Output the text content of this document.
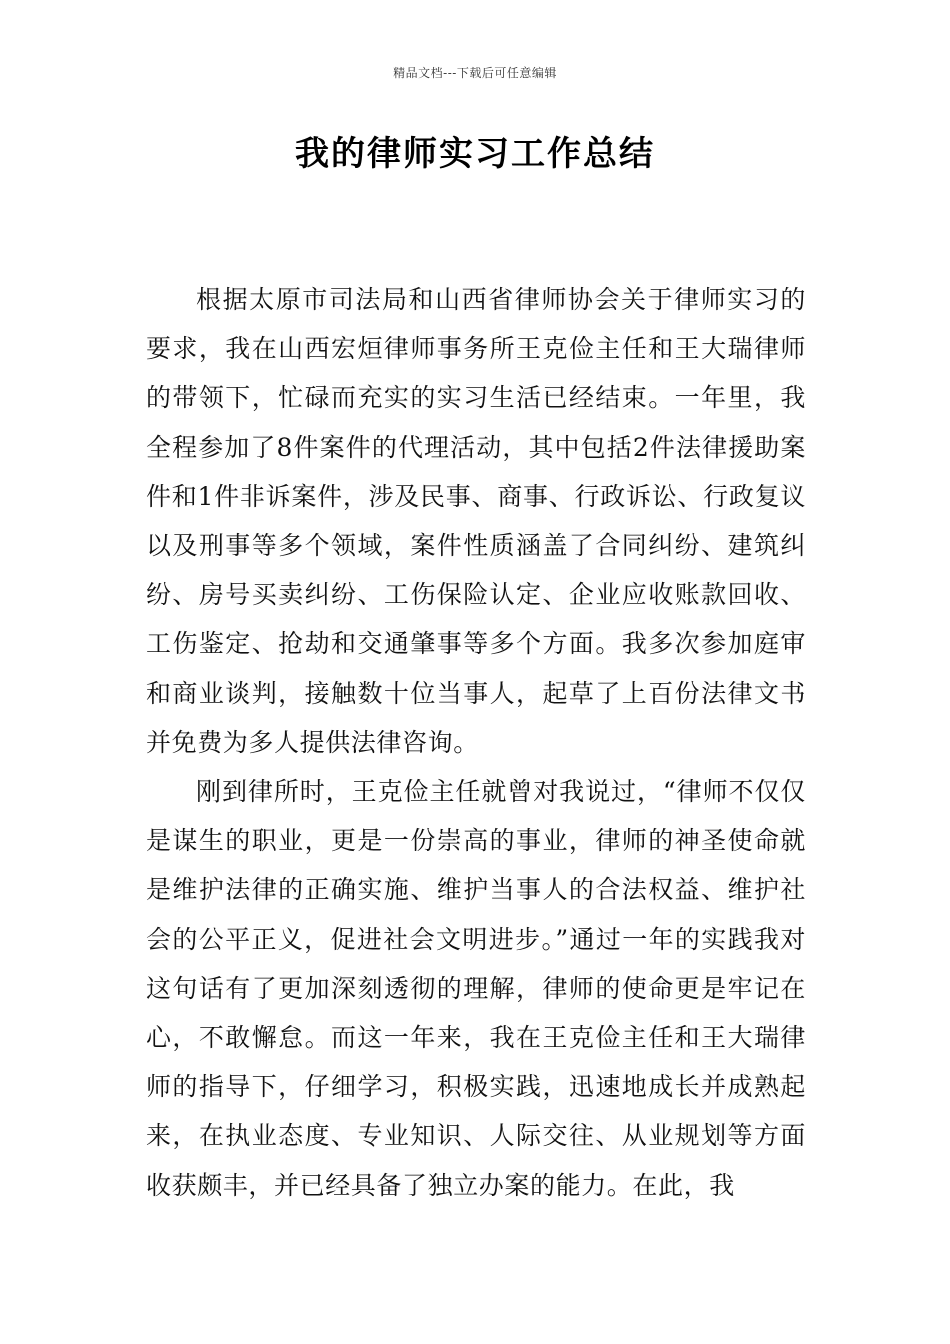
精品文档---下载后可任意编辑
我的律师实习工作总结

根据太原市司法局和山西省律师协会关于律师实习的要求，我在山西宏烜律师事务所王克俭主任和王大瑞律师的带领下，忙碌而充实的实习生活已经结束。一年里，我全程参加了8件案件的代理活动，其中包括2件法律援助案件和1件非诉案件，涉及民事、商事、行政诉讼、行政复议以及刑事等多个领域，案件性质涵盖了合同纠纷、建筑纠纷、房号买卖纠纷、工伤保险认定、企业应收账款回收、工伤鉴定、抢劫和交通肇事等多个方面。我多次参加庭审和商业谈判，接触数十位当事人，起草了上百份法律文书并免费为多人提供法律咨询。

刚到律所时，王克俭主任就曾对我说过，“律师不仅仅是谋生的职业，更是一份崇高的事业，律师的神圣使命就是维护法律的正确实施、维护当事人的合法权益、维护社会的公平正义，促进社会文明进步。”通过一年的实践我对这句话有了更加深刻透彻的理解，律师的使命更是牢记在心，不敢懈怠。而这一年来，我在王克俭主任和王大瑞律师的指导下，仔细学习，积极实践，迅速地成长并成熟起来，在执业态度、专业知识、人际交往、从业规划等方面收获颇丰，并已经具备了独立办案的能力。在此，我
